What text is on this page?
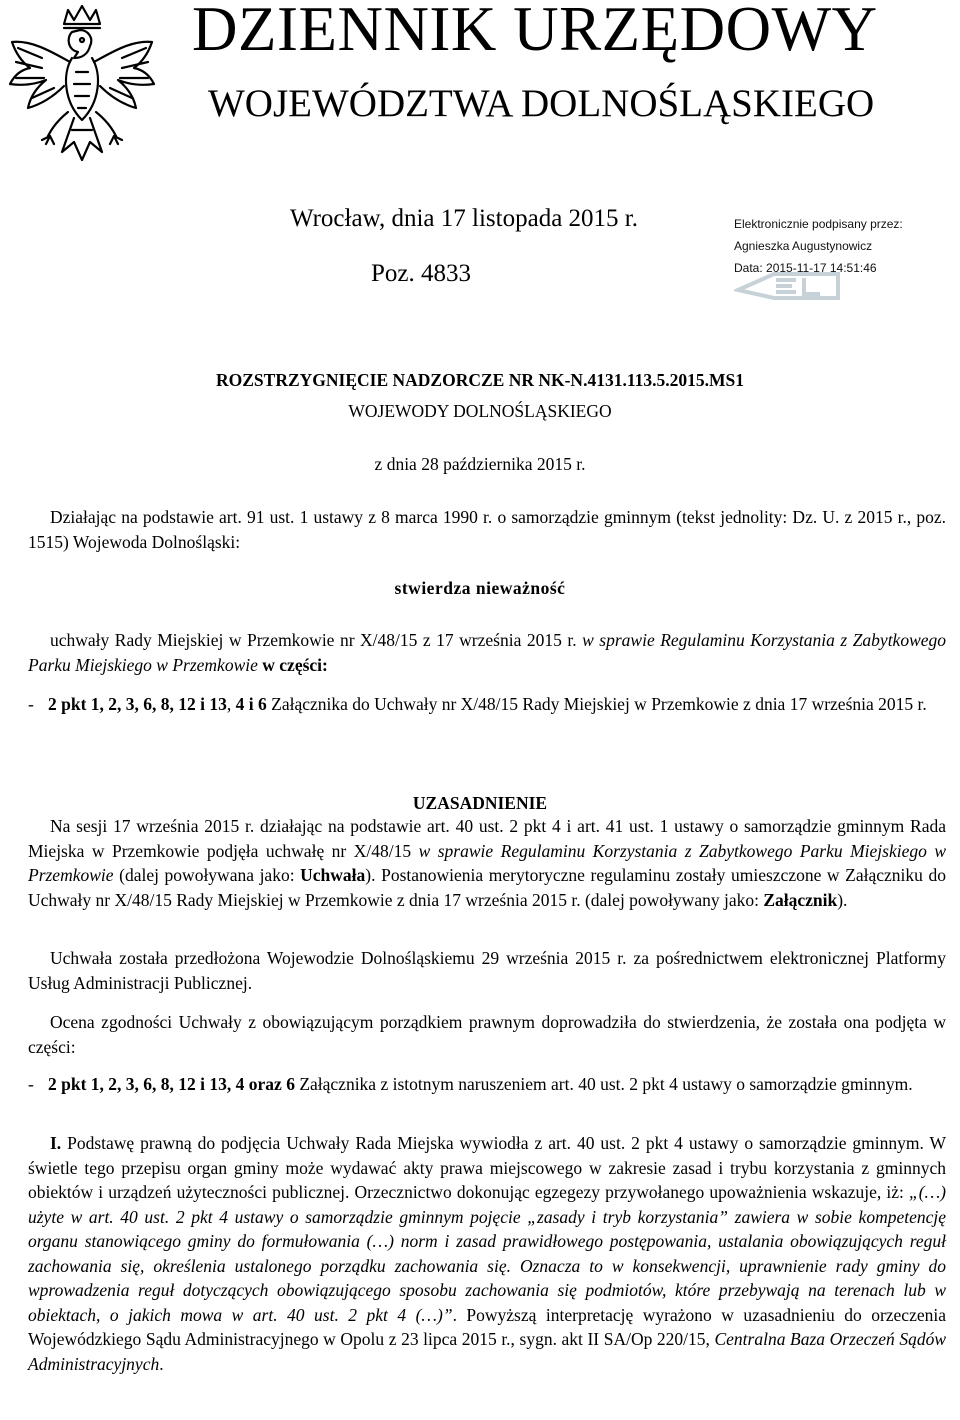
DZIENNIK URZĘDOWY
WOJEWÓDZTWA DOLNOŚLĄSKIEGO
Wrocław, dnia 17 listopada 2015 r.
Poz. 4833
Elektronicznie podpisany przez:
Agnieszka Augustynowicz
Data: 2015-11-17 14:51:46
ROZSTRZYGNIĘCIE NADZORCZE NR NK-N.4131.113.5.2015.MS1
WOJEWODY DOLNOŚLĄSKIEGO
z dnia 28 października 2015 r.
Działając na podstawie art. 91 ust. 1 ustawy z 8 marca 1990 r. o samorządzie gminnym (tekst jednolity: Dz. U. z 2015 r., poz. 1515) Wojewoda Dolnośląski:
stwierdza nieważność
uchwały Rady Miejskiej w Przemkowie nr X/48/15 z 17 września 2015 r. w sprawie Regulaminu Korzystania z Zabytkowego Parku Miejskiego w Przemkowie w części:
- 2 pkt 1, 2, 3, 6, 8, 12 i 13, 4 i 6 Załącznika do Uchwały nr X/48/15 Rady Miejskiej w Przemkowie z dnia 17 września 2015 r.
UZASADNIENIE
Na sesji 17 września 2015 r. działając na podstawie art. 40 ust. 2 pkt 4 i art. 41 ust. 1 ustawy o samorządzie gminnym Rada Miejska w Przemkowie podjęła uchwałę nr X/48/15 w sprawie Regulaminu Korzystania z Zabytkowego Parku Miejskiego w Przemkowie (dalej powoływana jako: Uchwała). Postanowienia merytoryczne regulaminu zostały umieszczone w Załączniku do Uchwały nr X/48/15 Rady Miejskiej w Przemkowie z dnia 17 września 2015 r. (dalej powoływany jako: Załącznik).
Uchwała została przedłożona Wojewodzie Dolnośląskiemu 29 września 2015 r. za pośrednictwem elektronicznej Platformy Usług Administracji Publicznej.
Ocena zgodności Uchwały z obowiązującym porządkiem prawnym doprowadziła do stwierdzenia, że została ona podjęta w części:
- 2 pkt 1, 2, 3, 6, 8, 12 i 13, 4 oraz 6 Załącznika z istotnym naruszeniem art. 40 ust. 2 pkt 4 ustawy o samorządzie gminnym.
I. Podstawę prawną do podjęcia Uchwały Rada Miejska wywiodła z art. 40 ust. 2 pkt 4 ustawy o samorządzie gminnym. W świetle tego przepisu organ gminy może wydawać akty prawa miejscowego w zakresie zasad i trybu korzystania z gminnych obiektów i urządzeń użyteczności publicznej. Orzecznictwo dokonując egzegezy przywołanego upoważnienia wskazuje, iż: „(…) użyte w art. 40 ust. 2 pkt 4 ustawy o samorządzie gminnym pojęcie „zasady i tryb korzystania” zawiera w sobie kompetencję organu stanowiącego gminy do formułowania (…) norm i zasad prawidłowego postępowania, ustalania obowiązujących reguł zachowania się, określenia ustalonego porządku zachowania się. Oznacza to w konsekwencji, uprawnienie rady gminy do wprowadzenia reguł dotyczących obowiązującego sposobu zachowania się podmiotów, które przebywają na terenach lub w obiektach, o jakich mowa w art. 40 ust. 2 pkt 4 (…)”. Powyższą interpretację wyrażono w uzasadnieniu do orzeczenia Wojewódzkiego Sądu Administracyjnego w Opolu z 23 lipca 2015 r., sygn. akt II SA/Op 220/15, Centralna Baza Orzeczeń Sądów Administracyjnych.
